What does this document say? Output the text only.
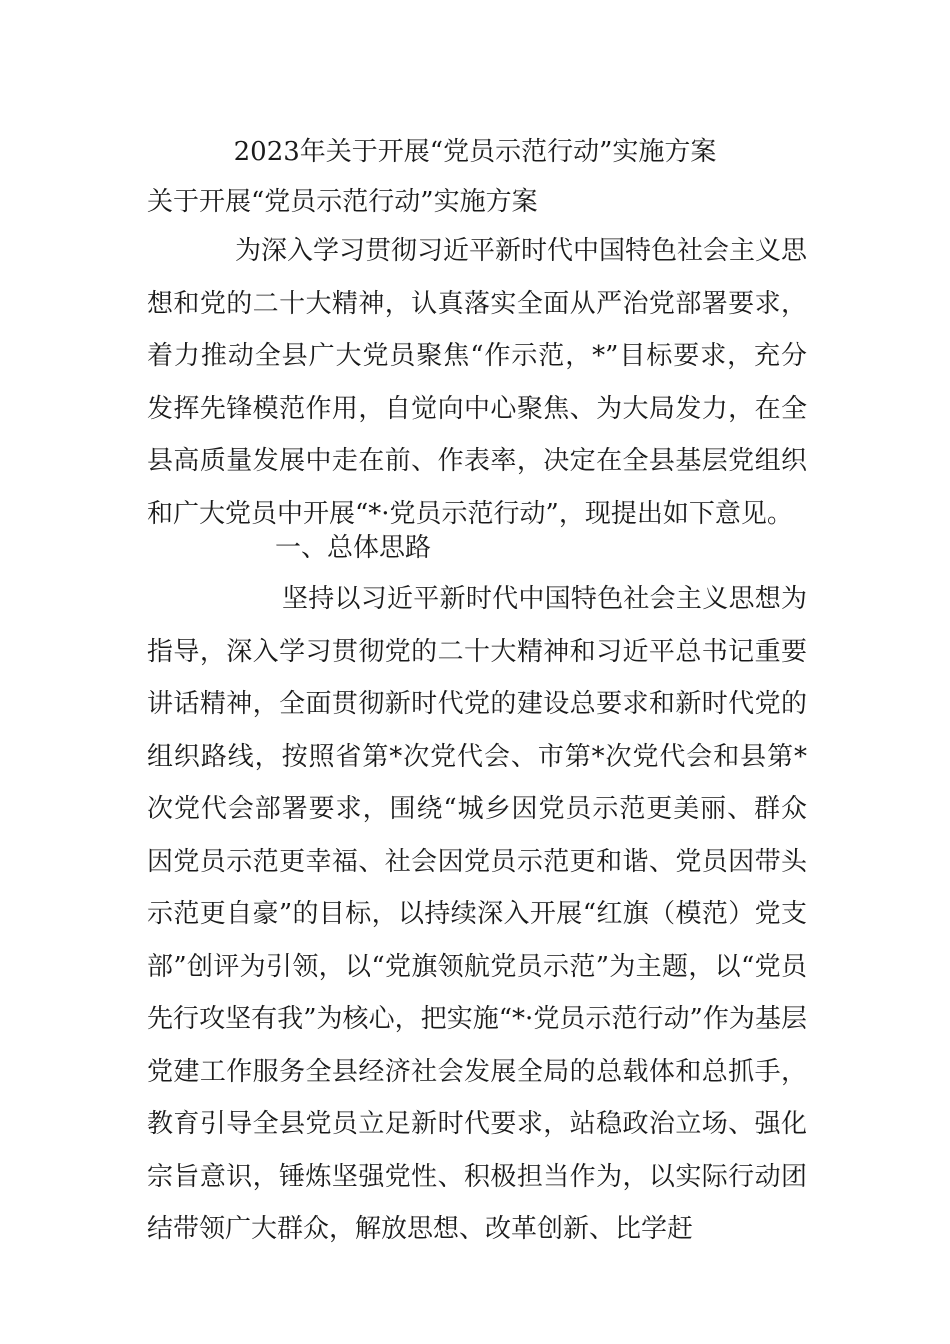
2023年关于开展“党员示范行动”实施方案
关于开展“党员示范行动”实施方案
为深入学习贯彻习近平新时代中国特色社会主义思想和党的二十大精神，认真落实全面从严治党部署要求，着力推动全县广大党员聚焦“作示范，*”目标要求，充分发挥先锋模范作用，自觉向中心聚焦、为大局发力，在全县高质量发展中走在前、作表率，决定在全县基层党组织和广大党员中开展“*·党员示范行动”，现提出如下意见。
一、总体思路
坚持以习近平新时代中国特色社会主义思想为指导，深入学习贯彻党的二十大精神和习近平总书记重要讲话精神，全面贯彻新时代党的建设总要求和新时代党的组织路线，按照省第*次党代会、市第*次党代会和县第*次党代会部署要求，围绕“城乡因党员示范更美丽、群众因党员示范更幸福、社会因党员示范更和谐、党员因带头示范更自豪”的目标，以持续深入开展“红旗（模范）党支部”创评为引领，以“党旗领航党员示范”为主题，以“党员先行攻坚有我”为核心，把实施“*·党员示范行动”作为基层党建工作服务全县经济社会发展全局的总载体和总抓手，教育引导全县党员立足新时代要求，站稳政治立场、强化宗旨意识，锤炼坚强党性、积极担当作为，以实际行动团结带领广大群众，解放思想、改革创新、比学赶
